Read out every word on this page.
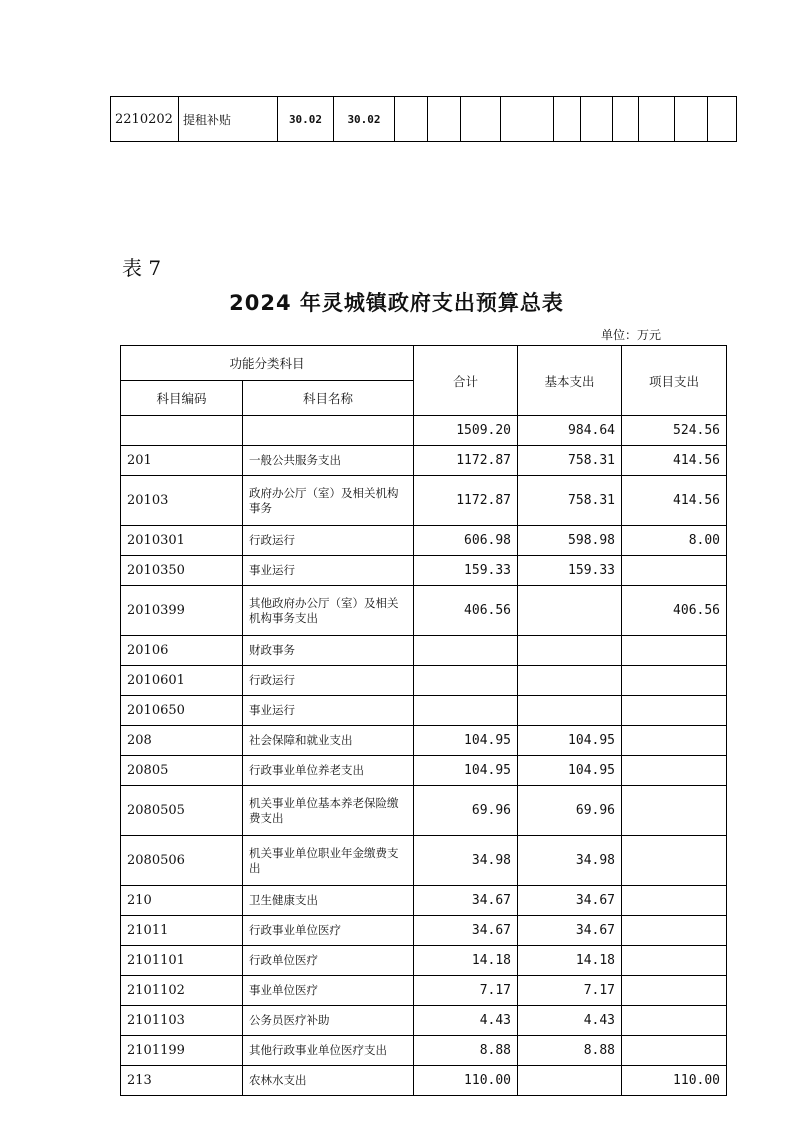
2210202	提租补贴	30.02	30.02										
表 7
2024 年灵城镇政府支出预算总表
单位：万元
功能分类科目		合计	基本支出	项目支出
科目编码	科目名称			
		1509.20	984.64	524.56
201	一般公共服务支出	1172.87	758.31	414.56
20103	政府办公厅（室）及相关机构事务	1172.87	758.31	414.56
2010301	行政运行	606.98	598.98	8.00
2010350	事业运行	159.33	159.33	
2010399	其他政府办公厅（室）及相关机构事务支出	406.56		406.56
20106	财政事务			
2010601	行政运行			
2010650	事业运行			
208	社会保障和就业支出	104.95	104.95	
20805	行政事业单位养老支出	104.95	104.95	
2080505	机关事业单位基本养老保险缴费支出	69.96	69.96	
2080506	机关事业单位职业年金缴费支出	34.98	34.98	
210	卫生健康支出	34.67	34.67	
21011	行政事业单位医疗	34.67	34.67	
2101101	行政单位医疗	14.18	14.18	
2101102	事业单位医疗	7.17	7.17	
2101103	公务员医疗补助	4.43	4.43	
2101199	其他行政事业单位医疗支出	8.88	8.88	
213	农林水支出	110.00		110.00
